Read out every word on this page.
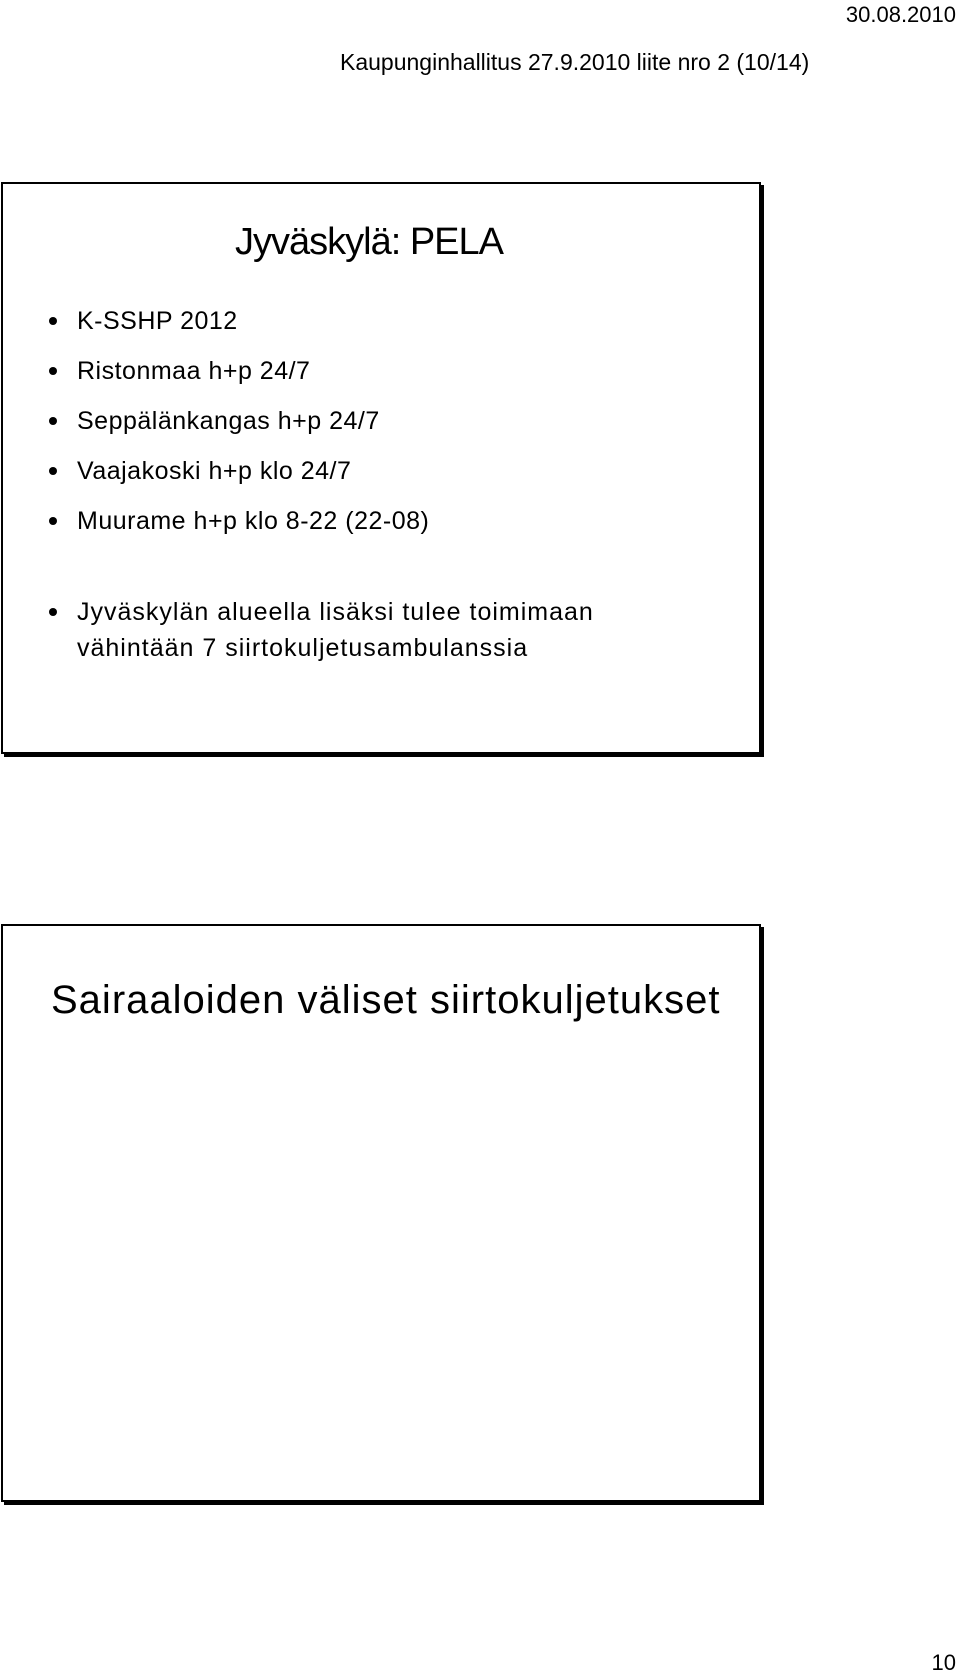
30.08.2010
Kaupunginhallitus 27.9.2010 liite nro 2 (10/14)
Jyväskylä: PELA
K-SSHP 2012
Ristonmaa h+p 24/7
Seppälänkangas h+p 24/7
Vaajakoski h+p klo 24/7
Muurame h+p klo 8-22 (22-08)
Jyväskylän alueella lisäksi tulee toimimaan
vähintään 7 siirtokuljetusambulanssia
Sairaaloiden väliset siirtokuljetukset
10
